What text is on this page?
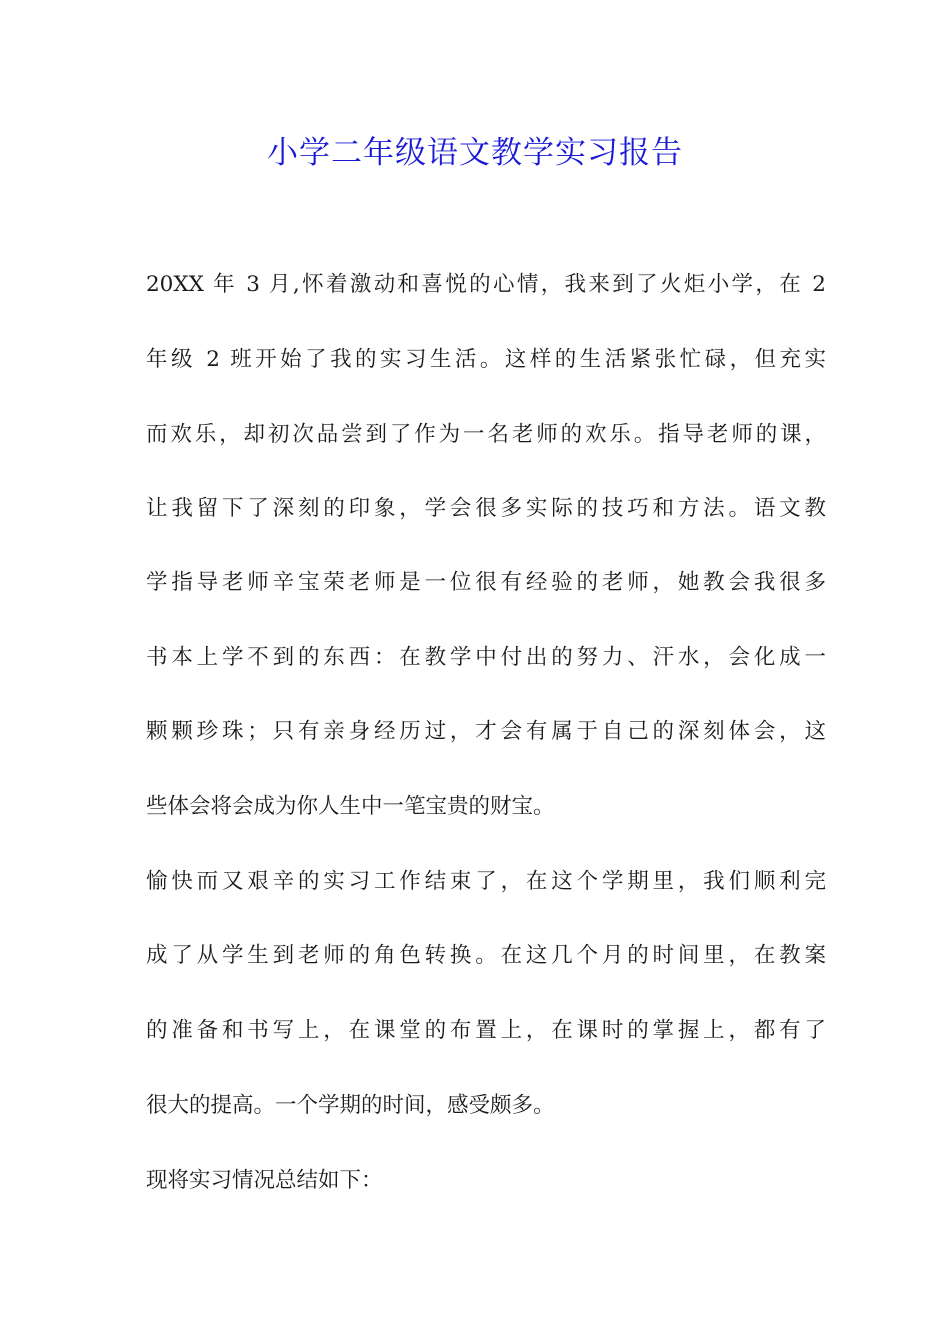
小学二年级语文教学实习报告
20XX 年 3 月,怀着激动和喜悦的心情，我来到了火炬小学，在 2
年级 2 班开始了我的实习生活。这样的生活紧张忙碌，但充实
而欢乐，却初次品尝到了作为一名老师的欢乐。指导老师的课，
让我留下了深刻的印象，学会很多实际的技巧和方法。语文教
学指导老师辛宝荣老师是一位很有经验的老师，她教会我很多
书本上学不到的东西：在教学中付出的努力、汗水，会化成一
颗颗珍珠；只有亲身经历过，才会有属于自己的深刻体会，这
些体会将会成为你人生中一笔宝贵的财宝。
愉快而又艰辛的实习工作结束了，在这个学期里，我们顺利完
成了从学生到老师的角色转换。在这几个月的时间里，在教案
的准备和书写上，在课堂的布置上，在课时的掌握上，都有了
很大的提高。一个学期的时间，感受颇多。
现将实习情况总结如下：
